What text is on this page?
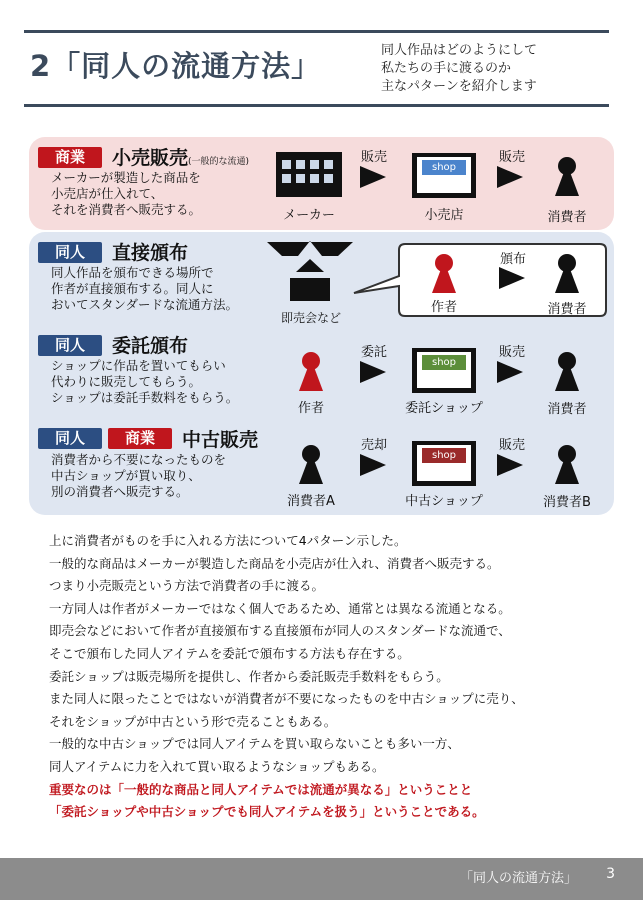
2「同人の流通方法」	同人作品はどのようにして
私たちの手に渡るのか
主なパターンを紹介します
shop
shop
shop
商業	小売販売(一般的な流通)
メーカーが製造した商品を
小売店が仕入れて、
それを消費者へ販売する。
販売	販売
メーカー	小売店	消費者
同人	直接頒布
同人作品を頒布できる場所で
作者が直接頒布する。同人に
おいてスタンダードな流通方法。
即売会など
頒布
作者	消費者
同人	委託頒布
ショップに作品を置いてもらい
代わりに販売してもらう。
ショップは委託手数料をもらう。
委託	販売
作者	委託ショップ	消費者
同人	商業	中古販売
消費者から不要になったものを
中古ショップが買い取り、
別の消費者へ販売する。
売却	販売
消費者A	中古ショップ	消費者B
上に消費者がものを手に入れる方法について4パターン示した。
一般的な商品はメーカーが製造した商品を小売店が仕入れ、消費者へ販売する。
つまり小売販売という方法で消費者の手に渡る。
一方同人は作者がメーカーではなく個人であるため、通常とは異なる流通となる。
即売会などにおいて作者が直接頒布する直接頒布が同人のスタンダードな流通で、
そこで頒布した同人アイテムを委託で頒布する方法も存在する。
委託ショップは販売場所を提供し、作者から委託販売手数料をもらう。
また同人に限ったことではないが消費者が不要になったものを中古ショップに売り、
それをショップが中古という形で売ることもある。
一般的な中古ショップでは同人アイテムを買い取らないことも多い一方、
同人アイテムに力を入れて買い取るようなショップもある。
重要なのは「一般的な商品と同人アイテムでは流通が異なる」ということと
「委託ショップや中古ショップでも同人アイテムを扱う」ということである。
「同人の流通方法」 3
